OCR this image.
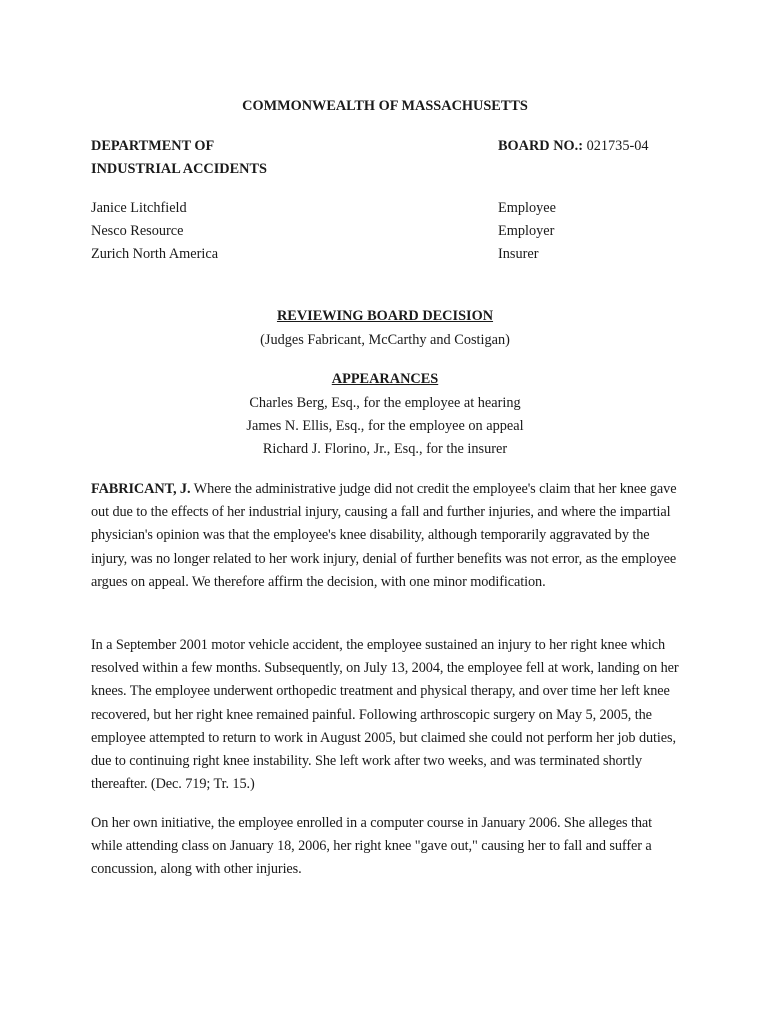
COMMONWEALTH OF MASSACHUSETTS
DEPARTMENT OF
INDUSTRIAL ACCIDENTS
BOARD NO.: 021735-04
Janice Litchfield	Employee
Nesco Resource	Employer
Zurich North America	Insurer
REVIEWING BOARD DECISION
(Judges Fabricant, McCarthy and Costigan)
APPEARANCES
Charles Berg, Esq., for the employee at hearing
James N. Ellis, Esq., for the employee on appeal
Richard J. Florino, Jr., Esq., for the insurer
FABRICANT, J. Where the administrative judge did not credit the employee's claim that her knee gave out due to the effects of her industrial injury, causing a fall and further injuries, and where the impartial physician's opinion was that the employee's knee disability, although temporarily aggravated by the injury, was no longer related to her work injury, denial of further benefits was not error, as the employee argues on appeal. We therefore affirm the decision, with one minor modification.
In a September 2001 motor vehicle accident, the employee sustained an injury to her right knee which resolved within a few months. Subsequently, on July 13, 2004, the employee fell at work, landing on her knees. The employee underwent orthopedic treatment and physical therapy, and over time her left knee recovered, but her right knee remained painful. Following arthroscopic surgery on May 5, 2005, the employee attempted to return to work in August 2005, but claimed she could not perform her job duties, due to continuing right knee instability. She left work after two weeks, and was terminated shortly thereafter. (Dec. 719; Tr. 15.)
On her own initiative, the employee enrolled in a computer course in January 2006. She alleges that while attending class on January 18, 2006, her right knee "gave out," causing her to fall and suffer a concussion, along with other injuries.
